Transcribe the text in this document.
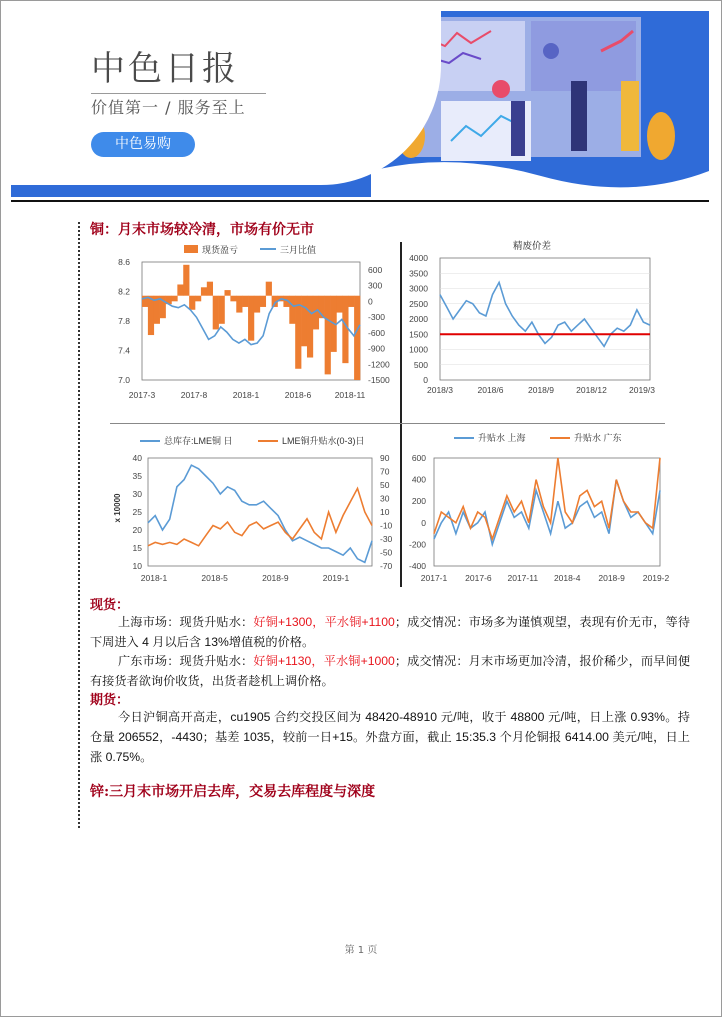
中色日报
价值第一 / 服务至上
中色易购
铜：月末市场较冷清，市场有价无市
现货盈亏	三月比值
8.6
8.2
7.8
7.4
7.0
600
300
0
-300
-600
-900
-1200
-1500
2017-3	2017-8	2018-1	2018-6	2018-11
精废价差
4000
3500
3000
2500
2000
1500
1000
500
0
2018/3	2018/6	2018/9	2018/12	2019/3
总库存:LME铜 日	LME铜升贴水(0-3)日
x 10000
40
35
30
25
20
15
10
90
70
50
30
10
-10
-30
-50
-70
2018-1	2018-5	2018-9	2019-1
升贴水 上海	升贴水 广东
600
400
200
0
-200
-400
2017-1 2017-6 2017-11 2018-4 2018-9 2019-2
现货：
上海市场：现货升贴水：好铜+1300，平水铜+1100；成交情况：市场多为谨慎观望，表现有价无市，等待下周进入 4 月以后含 13%增值税的价格。
广东市场：现货升贴水：好铜+1130，平水铜+1000；成交情况：月末市场更加冷清，报价稀少，而早间便有接货者欲询价收货，出货者趁机上调价格。
期货：
今日沪铜高开高走，cu1905 合约交投区间为 48420-48910 元/吨，收于 48800 元/吨，日上涨 0.93%。持仓量 206552，-4430；基差 1035，较前一日+15。外盘方面，截止 15:35.3 个月伦铜报 6414.00 美元/吨，日上涨 0.75%。
锌:三月末市场开启去库，交易去库程度与深度
第 1 页
